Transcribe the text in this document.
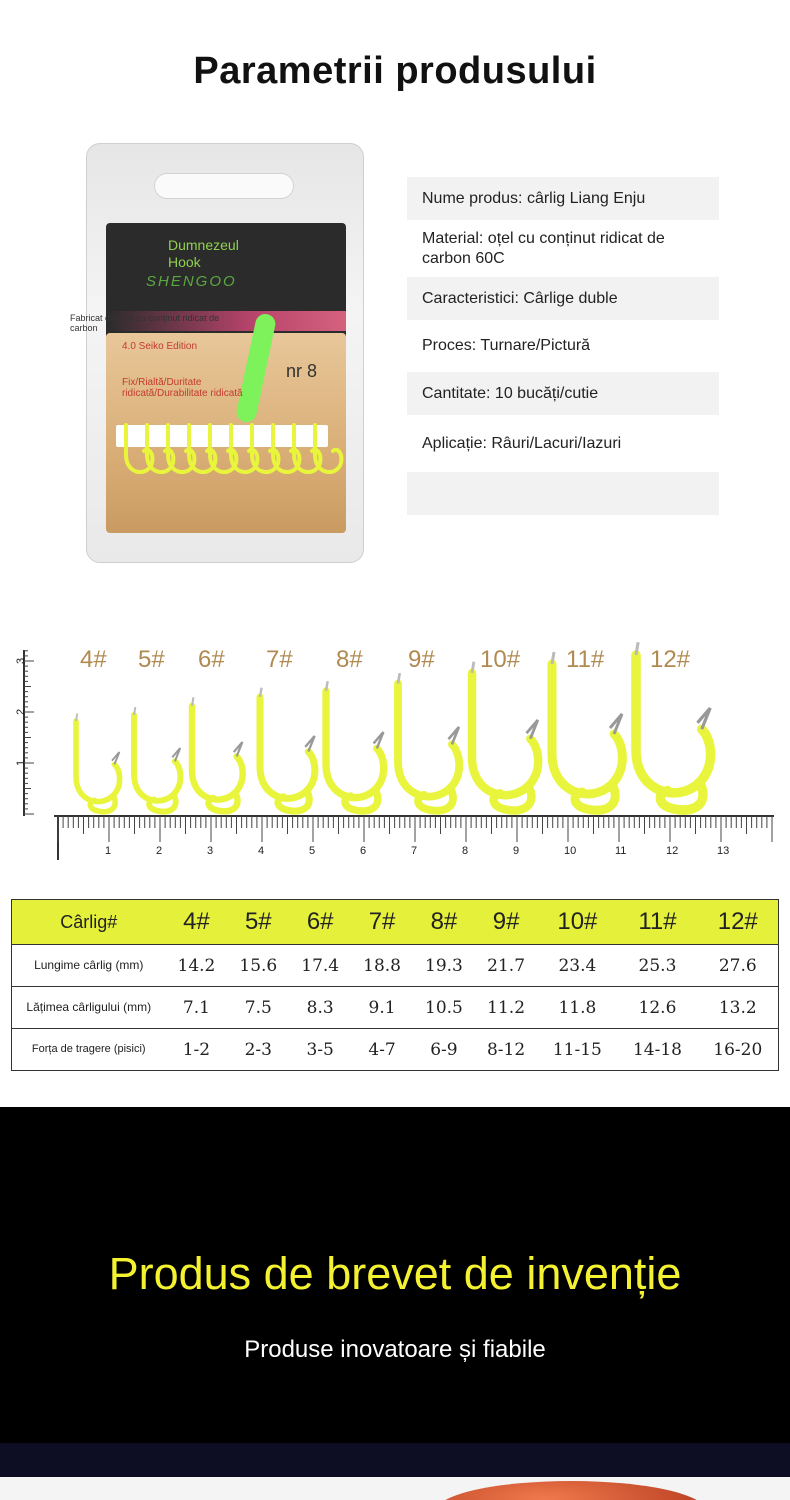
Parametrii produsului
Dumnezeul
Hook
SHENGOO
Fabricat din oțel cu conținut ridicat de carbon
4.0 Seiko Edition
nr 8
Fix/Rialtă/Duritate ridicată/Durabilitate ridicată
Nume produs: cârlig Liang Enju
Material: oțel cu conținut ridicat de carbon 60C
Caracteristici: Cârlige duble
Proces: Turnare/Pictură
Cantitate: 10 bucăți/cutie
Aplicație: Râuri/Lacuri/Iazuri
1
2
3
1	2	3	4	5	6	7	8	9	10	11	12	13
4# 5# 6# 7# 8# 9# 10# 11# 12#
Cârlig#	4#	5#	6#	7#	8#	9#	10#	11#	12#
Lungime cârlig (mm)	14.2	15.6	17.4	18.8	19.3	21.7	23.4	25.3	27.6
Lățimea cârligului (mm)	7.1	7.5	8.3	9.1	10.5	11.2	11.8	12.6	13.2
Forța de tragere (pisici)	1-2	2-3	3-5	4-7	6-9	8-12	11-15	14-18	16-20
Produs de brevet de invenție
Produse inovatoare și fiabile
